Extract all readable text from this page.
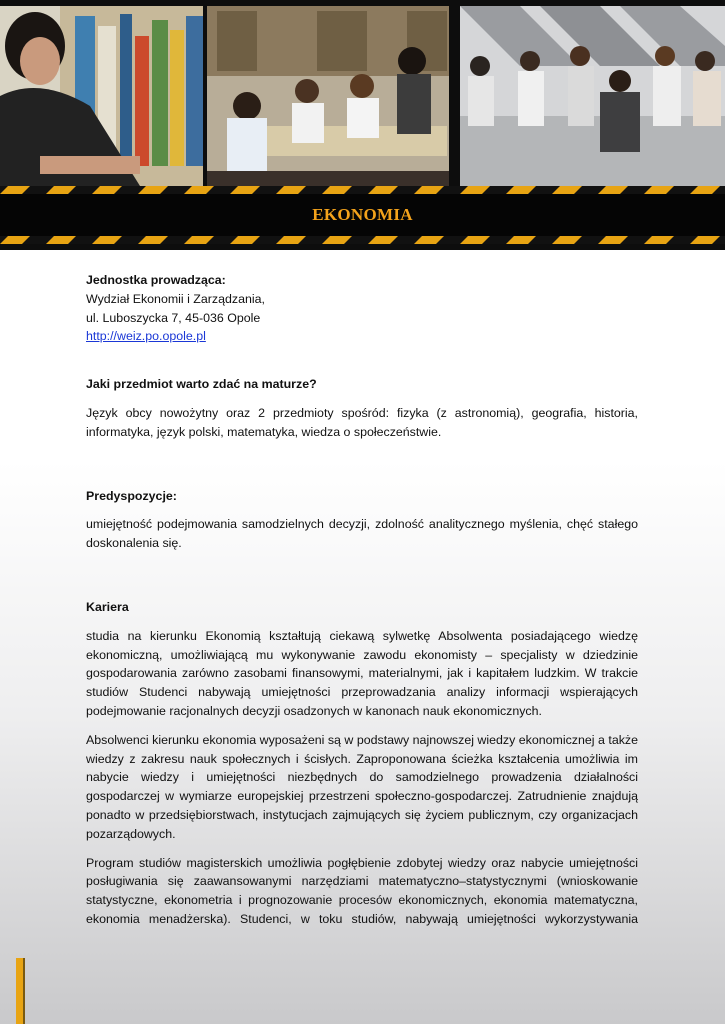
EKONOMIA

Jednostka prowadząca:

Wydział Ekonomii i Zarządzania,

ul. Luboszycka 7, 45-036 Opole

http://weiz.po.opole.pl

Jaki przedmiot warto zdać na maturze?

Język obcy nowożytny oraz 2 przedmioty spośród: fizyka (z astronomią), geografia, historia, informatyka, język polski, matematyka, wiedza o społeczeństwie.

Predyspozycje:

umiejętność podejmowania samodzielnych decyzji, zdolność analitycznego myślenia, chęć stałego doskonalenia się.

Kariera

studia na kierunku Ekonomią kształtują ciekawą sylwetkę Absolwenta posiadającego wiedzę ekonomiczną, umożliwiającą mu wykonywanie zawodu ekonomisty – specjalisty w dziedzinie gospodarowania zarówno zasobami finansowymi, materialnymi, jak i kapitałem ludzkim. W trakcie studiów Studenci nabywają umiejętności przeprowadzania analizy informacji wspierających podejmowanie racjonalnych decyzji osadzonych w kanonach nauk ekonomicznych.

Absolwenci kierunku ekonomia wyposażeni są w podstawy najnowszej wiedzy ekonomicznej a także wiedzy z zakresu nauk społecznych i ścisłych. Zaproponowana ścieżka kształcenia umożliwia im nabycie wiedzy i umiejętności niezbędnych do samodzielnego prowadzenia działalności gospodarczej w wymiarze europejskiej przestrzeni społeczno-gospodarczej. Zatrudnienie znajdują ponadto w przedsiębiorstwach, instytucjach zajmujących się życiem publicznym, czy organizacjach pozarządowych.

Program studiów magisterskich umożliwia pogłębienie zdobytej wiedzy oraz nabycie umiejętności posługiwania się zaawansowanymi narzędziami matematyczno–statystycznymi (wnioskowanie statystyczne, ekonometria i prognozowanie procesów ekonomicznych, ekonomia matematyczna, ekonomia menadżerska). Studenci, w toku studiów, nabywają umiejętności wykorzystywania
